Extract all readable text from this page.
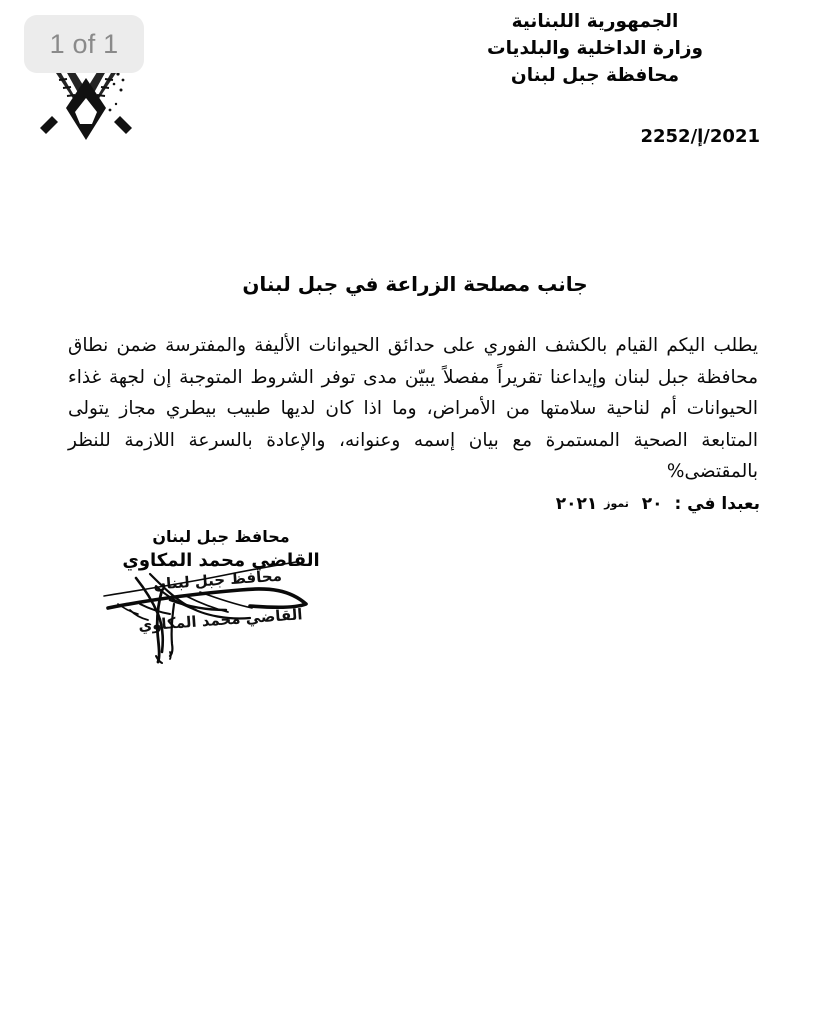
الجمهورية اللبنانية
وزارة الداخلية والبلديات
محافظة جبل لبنان
2021/إ/2252
جانب مصلحة الزراعة في جبل لبنان
يطلب اليكم القيام بالكشف الفوري على حدائق الحيوانات الأليفة والمفترسة ضمن نطاق
محافظة جبل لبنان وإيداعنا تقريراً مفصلاً يبيّن مدى توفر الشروط المتوجبة إن لجهة غذاء
الحيوانات أم لناحية سلامتها من الأمراض، وما اذا كان لديها طبيب بيطري مجاز يتولى
المتابعة الصحية المستمرة مع بيان إسمه وعنوانه، والإعادة بالسرعة اللازمة للنظر
بالمقتضى%
بعبدا في : ٢٠ تموز ٢٠٢١
محافظ جبل لبنان
القاضي محمد المكاوي
محافظ جبل لبنان
القاضي محمد المكاوي
1 of 1
